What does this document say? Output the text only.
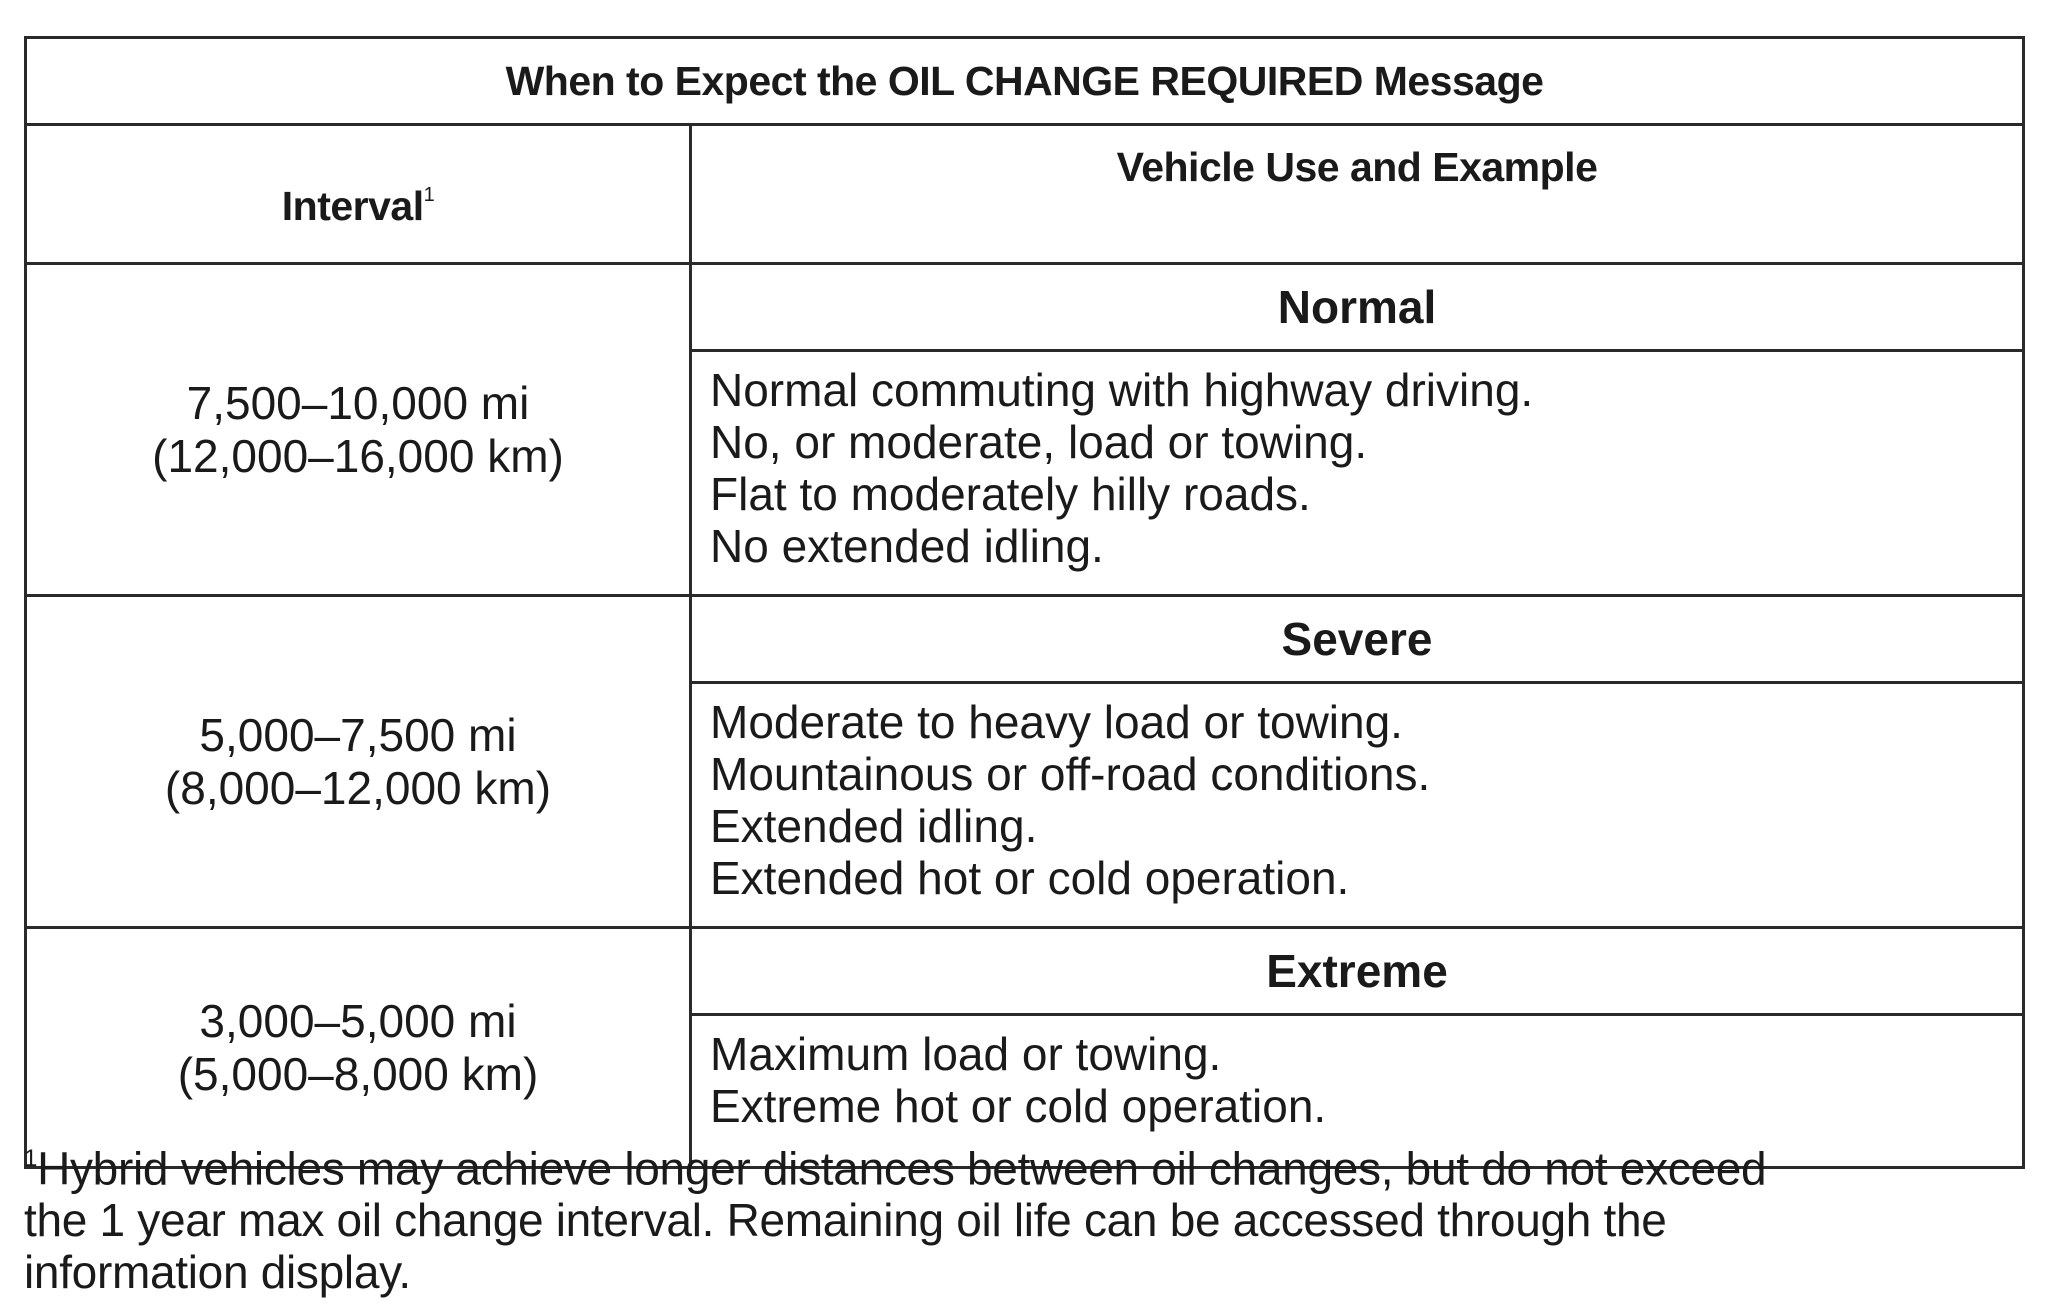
When to Expect the OIL CHANGE REQUIRED Message	
Interval$^1$	Vehicle Use and Example

7,500–10,000 mi
(12,000–16,000 km)	Normal

	Normal commuting with highway driving.
No, or moderate, load or towing.
Flat to moderately hilly roads.
No extended idling.

5,000–7,500 mi
(8,000–12,000 km)	Severe

	Moderate to heavy load or towing.
Mountainous or off-road conditions.
Extended idling.
Extended hot or cold operation.

3,000–5,000 mi
(5,000–8,000 km)	Extreme

	Maximum load or towing.
Extreme hot or cold operation.
$^1$Hybrid vehicles may achieve longer distances between oil changes, but do not exceed
the 1 year max oil change interval. Remaining oil life can be accessed through the
information display.
